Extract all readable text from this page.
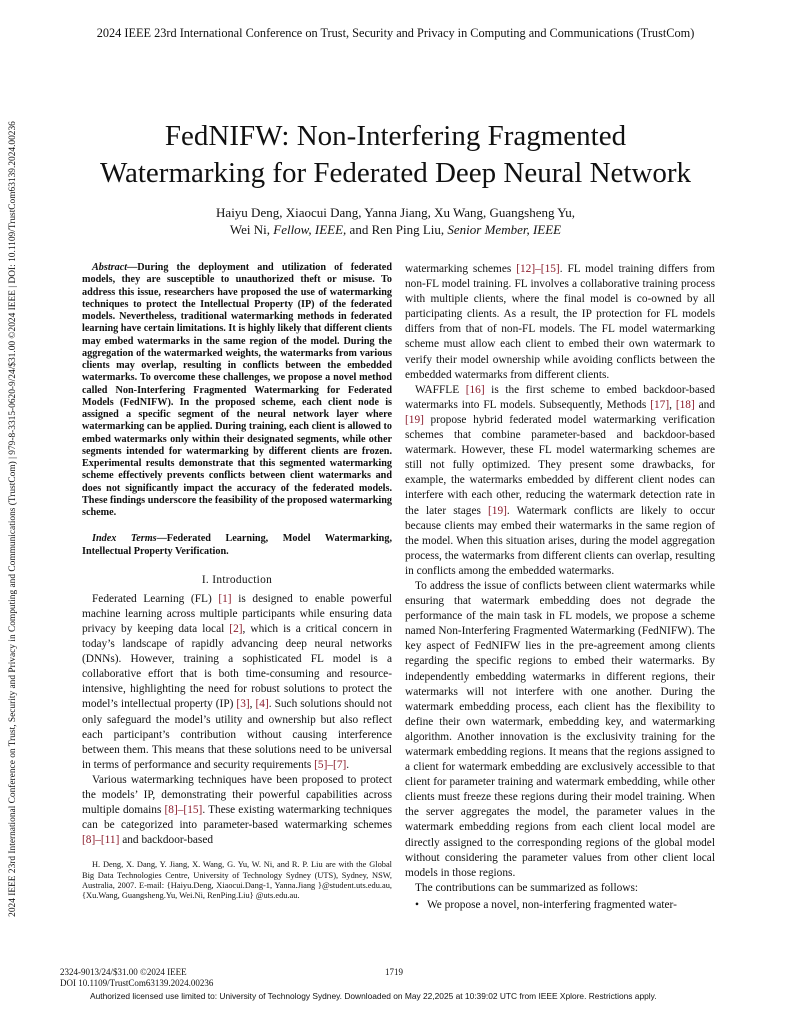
2024 IEEE 23rd International Conference on Trust, Security and Privacy in Computing and Communications (TrustCom)
2024 IEEE 23rd International Conference on Trust, Security and Privacy in Computing and Communications (TrustCom) | 979-8-3315-0620-9/24/$31.00 ©2024 IEEE | DOI: 10.1109/TrustCom63139.2024.00236	FedNIFW: Non-Interfering Fragmented
Watermarking for Federated Deep Neural Network
Haiyu Deng, Xiaocui Dang, Yanna Jiang, Xu Wang, Guangsheng Yu,
Wei Ni, Fellow, IEEE, and Ren Ping Liu, Senior Member, IEEE

Abstract—During the deployment and utilization of federated models, they are susceptible to unauthorized theft or misuse. To address this issue, researchers have proposed the use of watermarking techniques to protect the Intellectual Property (IP) of the federated models. Nevertheless, traditional watermarking methods in federated learning have certain limitations. It is highly likely that different clients may embed watermarks in the same region of the model. During the aggregation of the watermarked weights, the watermarks from various clients may overlap, resulting in conflicts between the embedded watermarks. To overcome these challenges, we propose a novel method called Non-Interfering Fragmented Watermarking for Federated Models (FedNIFW). In the proposed scheme, each client node is assigned a specific segment of the neural network layer where watermarking can be applied. During training, each client is allowed to embed watermarks only within their designated segments, while other segments intended for watermarking by different clients are frozen. Experimental results demonstrate that this segmented watermarking scheme effectively prevents conflicts between client watermarks and does not significantly impact the accuracy of the federated models. These findings underscore the feasibility of the proposed watermarking scheme.

Index Terms—Federated Learning, Model Watermarking, Intellectual Property Verification.

I. Introduction

Federated Learning (FL) [1] is designed to enable powerful machine learning across multiple participants while ensuring data privacy by keeping data local [2], which is a critical concern in today’s landscape of rapidly advancing deep neural networks (DNNs). However, training a sophisticated FL model is a collaborative effort that is both time-consuming and resource-intensive, highlighting the need for robust solutions to protect the model’s intellectual property (IP) [3], [4]. Such solutions should not only safeguard the model’s utility and ownership but also reflect each participant’s contribution without causing interference between them. This means that these solutions need to be universal in terms of performance and security requirements [5]–[7].

Various watermarking techniques have been proposed to protect the models’ IP, demonstrating their powerful capabilities across multiple domains [8]–[15]. These existing watermarking techniques can be categorized into parameter-based watermarking schemes [8]–[11] and backdoor-based

H. Deng, X. Dang, Y. Jiang, X. Wang, G. Yu, W. Ni, and R. P. Liu are with the Global Big Data Technologies Centre, University of Technology Sydney (UTS), Sydney, NSW, Australia, 2007. E-mail: {Haiyu.Deng, Xiaocui.Dang-1, Yanna.Jiang }@student.uts.edu.au, {Xu.Wang, Guangsheng.Yu, Wei.Ni, RenPing.Liu} @uts.edu.au.

watermarking schemes [12]–[15]. FL model training differs from non-FL model training. FL involves a collaborative training process with multiple clients, where the final model is co-owned by all participating clients. As a result, the IP protection for FL models differs from that of non-FL models. The FL model watermarking scheme must allow each client to embed their own watermark to verify their model ownership while avoiding conflicts between the embedded watermarks from different clients.

WAFFLE [16] is the first scheme to embed backdoor-based watermarks into FL models. Subsequently, Methods [17], [18] and [19] propose hybrid federated model watermarking verification schemes that combine parameter-based and backdoor-based watermark. However, these FL model watermarking schemes are still not fully optimized. They present some drawbacks, for example, the watermarks embedded by different client nodes can interfere with each other, reducing the watermark detection rate in the later stages [19]. Watermark conflicts are likely to occur because clients may embed their watermarks in the same region of the model. When this situation arises, during the model aggregation process, the watermarks from different clients can overlap, resulting in conflicts among the embedded watermarks.

To address the issue of conflicts between client watermarks while ensuring that watermark embedding does not degrade the performance of the main task in FL models, we propose a scheme named Non-Interfering Fragmented Watermarking (FedNIFW). The key aspect of FedNIFW lies in the pre-agreement among clients regarding the specific regions to embed their watermarks. By independently embedding watermarks in different regions, their watermarks will not interfere with one another. During the watermark embedding process, each client has the flexibility to define their own watermark, embedding key, and watermarking algorithm. Another innovation is the exclusivity training for the watermark embedding regions. It means that the regions assigned to a client for watermark embedding are exclusively accessible to that client for parameter training and watermark embedding, while other clients must freeze these regions during their model training. When the server aggregates the model, the parameter values in the watermark embedding regions from each client local model are directly assigned to the corresponding regions of the global model without considering the parameter values from other client local models in those regions.

The contributions can be summarized as follows:

• We propose a novel, non-interfering fragmented water-
2324-9013/24/$31.00 ©2024 IEEE
DOI 10.1109/TrustCom63139.2024.00236
1719
Authorized licensed use limited to: University of Technology Sydney. Downloaded on May 22,2025 at 10:39:02 UTC from IEEE Xplore. Restrictions apply.
